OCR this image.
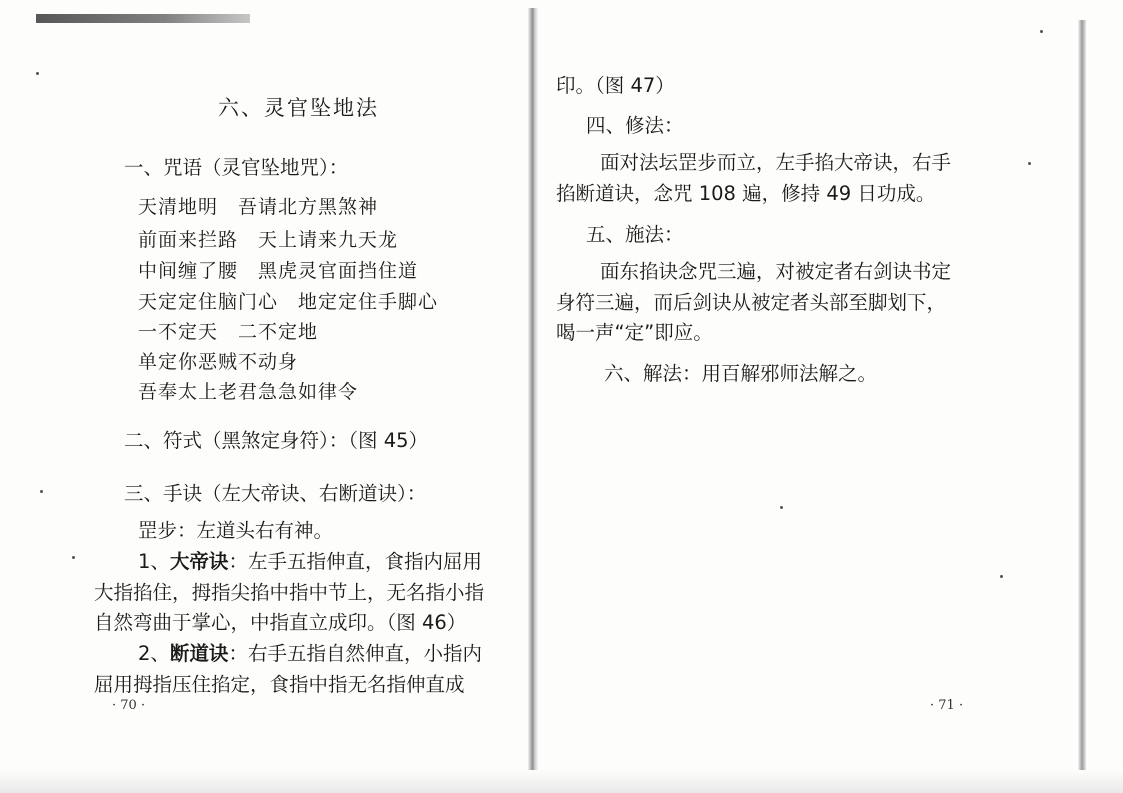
六、灵官坠地法
一、咒语（灵官坠地咒）：
天清地明　吾请北方黑煞神
前面来拦路　天上请来九天龙
中间缠了腰　黑虎灵官面挡住道
天定定住脑门心　地定定住手脚心
一不定天　二不定地
单定你恶贼不动身
吾奉太上老君急急如律令
二、符式（黑煞定身符）：（图 45）
三、手诀（左大帝诀、右断道诀）：
罡步：左道头右有神。
1、大帝诀：左手五指伸直，食指内屈用
大指掐住，拇指尖掐中指中节上，无名指小指
自然弯曲于掌心，中指直立成印。（图 46）
2、断道诀：右手五指自然伸直，小指内
屈用拇指压住掐定，食指中指无名指伸直成
· 70 ·
印。（图 47）
四、修法：
面对法坛罡步而立，左手掐大帝诀，右手
掐断道诀，念咒 108 遍，修持 49 日功成。
五、施法：
面东掐诀念咒三遍，对被定者右剑诀书定
身符三遍，而后剑诀从被定者头部至脚划下，
喝一声“定”即应。
六、解法：用百解邪师法解之。
· 71 ·
